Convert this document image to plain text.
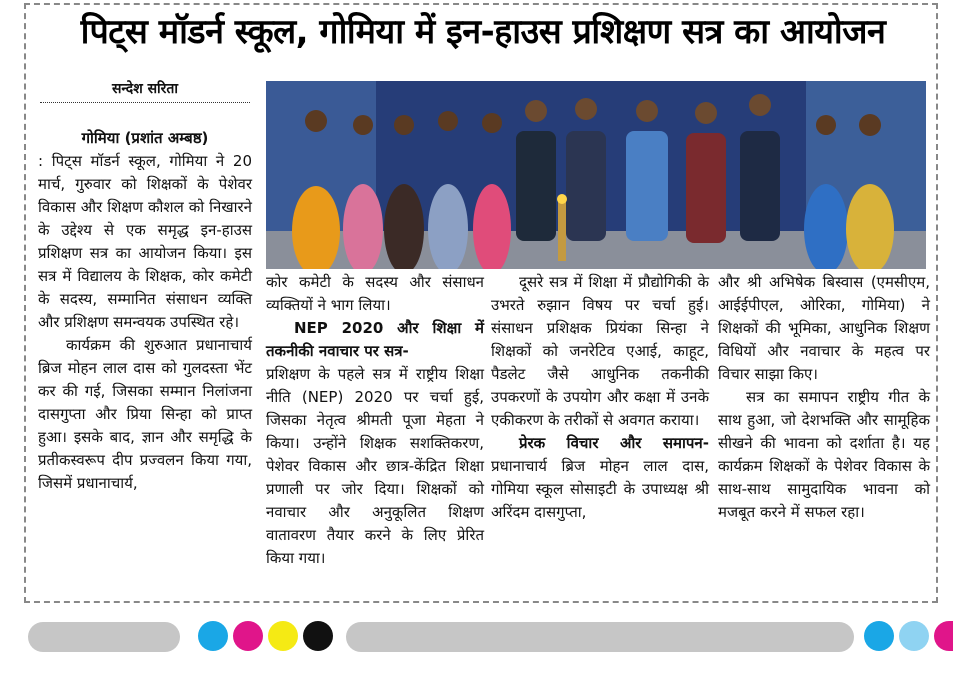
पिट्स मॉडर्न स्कूल, गोमिया में इन-हाउस प्रशिक्षण सत्र का आयोजन
सन्देश सरिता

गोमिया (प्रशांत अम्बष्ठ)

: पिट्स मॉडर्न स्कूल, गोमिया ने 20 मार्च, गुरुवार को शिक्षकों के पेशेवर विकास और शिक्षण कौशल को निखारने के उद्देश्य से एक समृद्ध इन-हाउस प्रशिक्षण सत्र का आयोजन किया। इस सत्र में विद्यालय के शिक्षक, कोर कमेटी के सदस्य, सम्मानित संसाधन व्यक्ति और प्रशिक्षण समन्वयक उपस्थित रहे।

कार्यक्रम की शुरुआत प्रधानाचार्य ब्रिज मोहन लाल दास को गुलदस्ता भेंट कर की गई, जिसका सम्मान निलांजना दासगुप्ता और प्रिया सिन्हा को प्राप्त हुआ। इसके बाद, ज्ञान और समृद्धि के प्रतीकस्वरूप दीप प्रज्वलन किया गया, जिसमें प्रधानाचार्य,

कोर कमेटी के सदस्य और संसाधन व्यक्तियों ने भाग लिया।

NEP 2020 और शिक्षा में तकनीकी नवाचार पर सत्र-

प्रशिक्षण के पहले सत्र में राष्ट्रीय शिक्षा नीति (NEP) 2020 पर चर्चा हुई, जिसका नेतृत्व श्रीमती पूजा मेहता ने किया। उन्होंने शिक्षक सशक्तिकरण, पेशेवर विकास और छात्र-केंद्रित शिक्षा प्रणाली पर जोर दिया। शिक्षकों को नवाचार और अनुकूलित शिक्षण वातावरण तैयार करने के लिए प्रेरित किया गया।

दूसरे सत्र में शिक्षा में प्रौद्योगिकी के उभरते रुझान विषय पर चर्चा हुई। संसाधन प्रशिक्षक प्रियंका सिन्हा ने शिक्षकों को जनरेटिव एआई, काहूट, पैडलेट जैसे आधुनिक तकनीकी उपकरणों के उपयोग और कक्षा में उनके एकीकरण के तरीकों से अवगत कराया।

प्रेरक विचार और समापन-प्रधानाचार्य ब्रिज मोहन लाल दास, गोमिया स्कूल सोसाइटी के उपाध्यक्ष श्री अरिंदम दासगुप्ता,

और श्री अभिषेक बिस्वास (एमसीएम, आईईपीएल, ओरिका, गोमिया) ने शिक्षकों की भूमिका, आधुनिक शिक्षण विधियों और नवाचार के महत्व पर विचार साझा किए।

सत्र का समापन राष्ट्रीय गीत के साथ हुआ, जो देशभक्ति और सामूहिक सीखने की भावना को दर्शाता है। यह कार्यक्रम शिक्षकों के पेशेवर विकास के साथ-साथ सामुदायिक भावना को मजबूत करने में सफल रहा।
